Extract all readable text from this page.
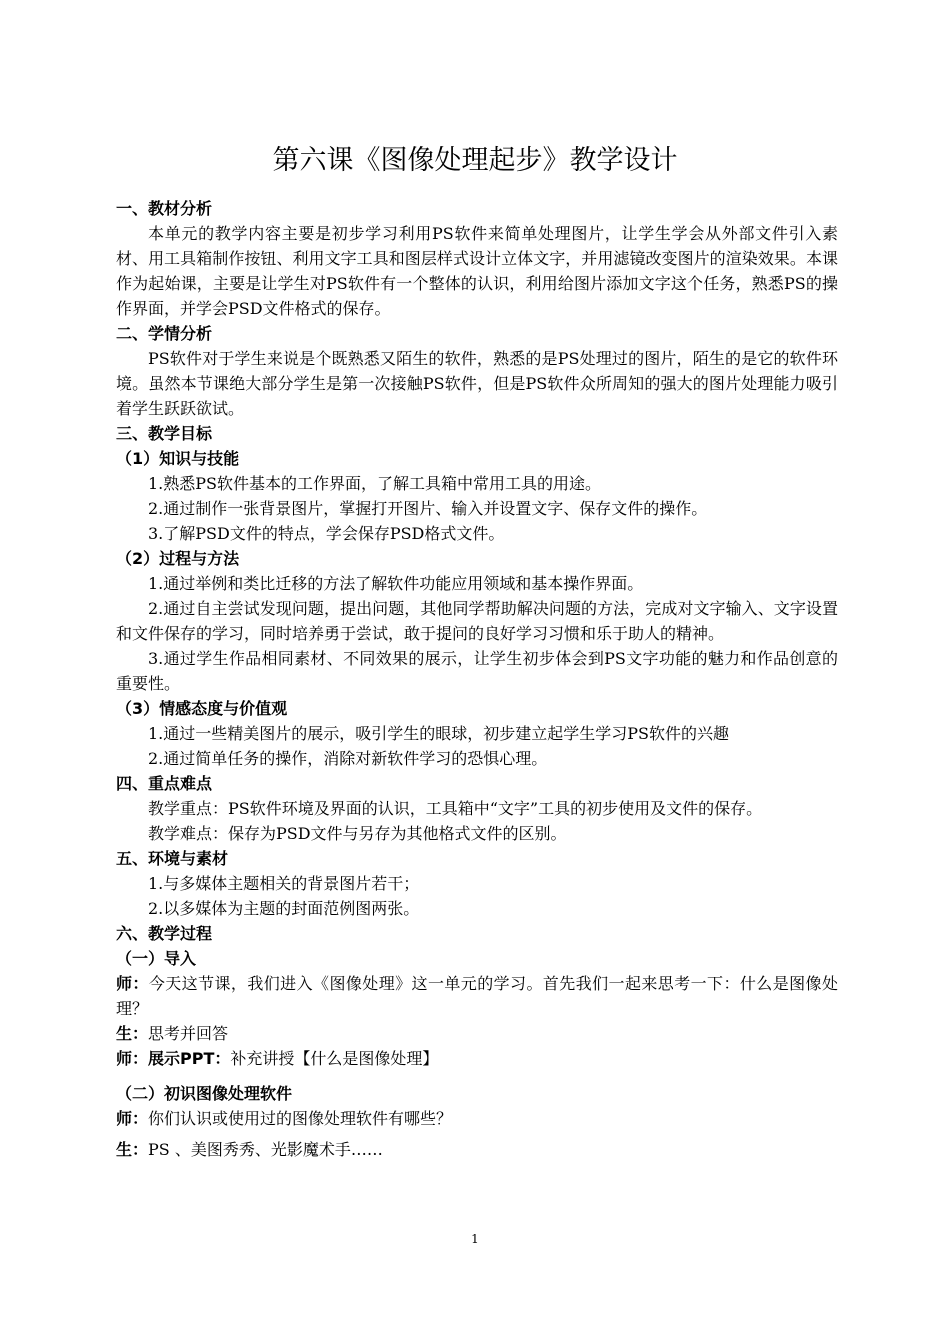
第六课《图像处理起步》教学设计

一、教材分析

本单元的教学内容主要是初步学习利用PS软件来简单处理图片，让学生学会从外部文件引入素材、用工具箱制作按钮、利用文字工具和图层样式设计立体文字，并用滤镜改变图片的渲染效果。本课作为起始课，主要是让学生对PS软件有一个整体的认识，利用给图片添加文字这个任务，熟悉PS的操作界面，并学会PSD文件格式的保存。

二、学情分析

PS软件对于学生来说是个既熟悉又陌生的软件，熟悉的是PS处理过的图片，陌生的是它的软件环境。虽然本节课绝大部分学生是第一次接触PS软件，但是PS软件众所周知的强大的图片处理能力吸引着学生跃跃欲试。

三、教学目标

（1）知识与技能

1.熟悉PS软件基本的工作界面，了解工具箱中常用工具的用途。

2.通过制作一张背景图片，掌握打开图片、输入并设置文字、保存文件的操作。

3.了解PSD文件的特点，学会保存PSD格式文件。

（2）过程与方法

1.通过举例和类比迁移的方法了解软件功能应用领域和基本操作界面。

2.通过自主尝试发现问题，提出问题，其他同学帮助解决问题的方法，完成对文字输入、文字设置和文件保存的学习，同时培养勇于尝试，敢于提问的良好学习习惯和乐于助人的精神。

3.通过学生作品相同素材、不同效果的展示，让学生初步体会到PS文字功能的魅力和作品创意的重要性。

（3）情感态度与价值观

1.通过一些精美图片的展示，吸引学生的眼球，初步建立起学生学习PS软件的兴趣

2.通过简单任务的操作，消除对新软件学习的恐惧心理。

四、重点难点

教学重点：PS软件环境及界面的认识，工具箱中“文字”工具的初步使用及文件的保存。

教学难点：保存为PSD文件与另存为其他格式文件的区别。

五、环境与素材

1.与多媒体主题相关的背景图片若干；

2.以多媒体为主题的封面范例图两张。

六、教学过程

（一）导入

师：今天这节课，我们进入《图像处理》这一单元的学习。首先我们一起来思考一下：什么是图像处理？

生：思考并回答

师：展示PPT：补充讲授【什么是图像处理】

（二）初识图像处理软件

师：你们认识或使用过的图像处理软件有哪些？

生：PS 、美图秀秀、光影魔术手……

1
